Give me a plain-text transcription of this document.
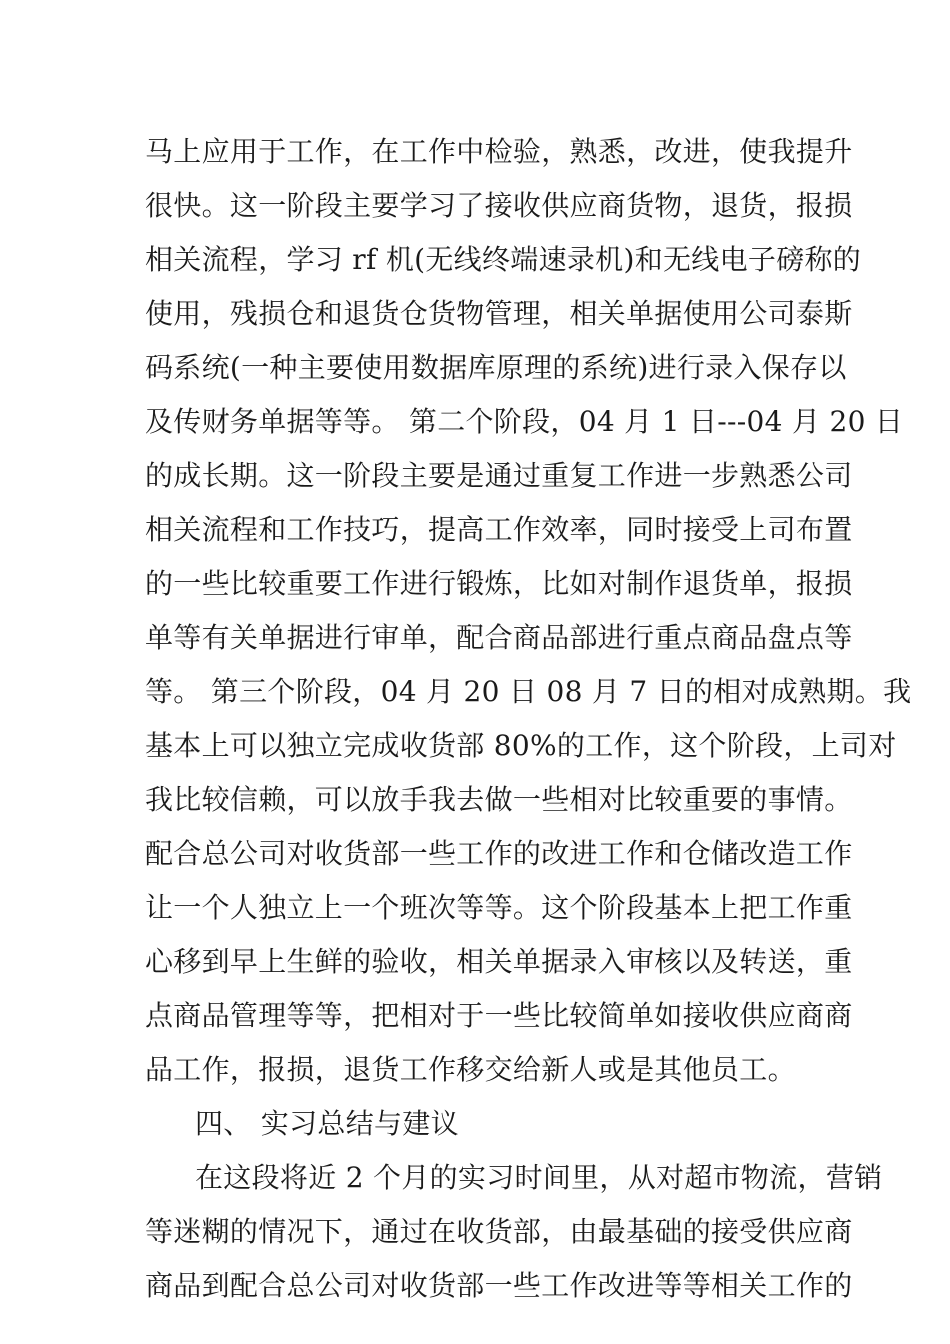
马上应用于工作，在工作中检验，熟悉，改进，使我提升
很快。这一阶段主要学习了接收供应商货物，退货，报损
相关流程，学习 rf 机(无线终端速录机)和无线电子磅称的
使用，残损仓和退货仓货物管理，相关单据使用公司泰斯
码系统(一种主要使用数据库原理的系统)进行录入保存以
及传财务单据等等。 第二个阶段，04 月 1 日---04 月 20 日
的成长期。这一阶段主要是通过重复工作进一步熟悉公司
相关流程和工作技巧，提高工作效率，同时接受上司布置
的一些比较重要工作进行锻炼，比如对制作退货单，报损
单等有关单据进行审单，配合商品部进行重点商品盘点等
等。 第三个阶段，04 月 20 日 08 月 7 日的相对成熟期。我
基本上可以独立完成收货部 80%的工作，这个阶段，上司对
我比较信赖，可以放手我去做一些相对比较重要的事情。
配合总公司对收货部一些工作的改进工作和仓储改造工作
让一个人独立上一个班次等等。这个阶段基本上把工作重
心移到早上生鲜的验收，相关单据录入审核以及转送，重
点商品管理等等，把相对于一些比较简单如接收供应商商
品工作，报损，退货工作移交给新人或是其他员工。
四、 实习总结与建议
在这段将近 2 个月的实习时间里，从对超市物流，营销
等迷糊的情况下，通过在收货部，由最基础的接受供应商
商品到配合总公司对收货部一些工作改进等等相关工作的
